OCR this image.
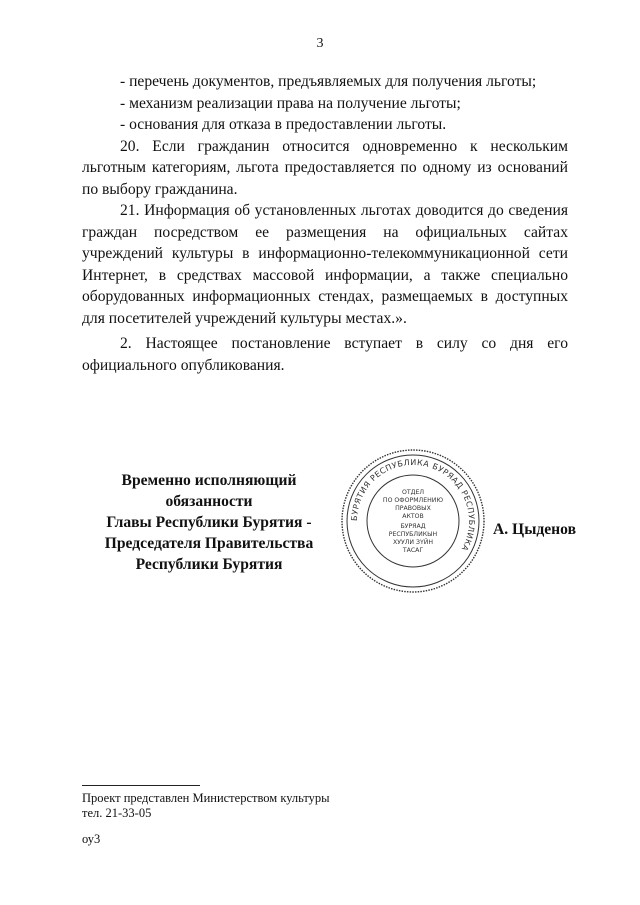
3

- перечень документов, предъявляемых для получения льготы;

- механизм реализации права на получение льготы;

- основания для отказа в предоставлении льготы.

20. Если гражданин относится одновременно к нескольким льготным категориям, льгота предоставляется по одному из оснований по выбору гражданина.

21. Информация об установленных льготах доводится до сведения граждан посредством ее размещения на официальных сайтах учреждений культуры в информационно-телекоммуникационной сети Интернет, в средствах массовой информации, а также специально оборудованных информационных стендах, размещаемых в доступных для посетителей учреждений культуры местах.».

2. Настоящее постановление вступает в силу со дня его официального опубликования.

Временно исполняющий обязанности
Главы Республики Бурятия -
Председателя Правительства
Республики Бурятия
БУРЯТИЯ РЕСПУБЛИКА БУРЯАД РЕСПУБЛИКА
ОТДЕЛ
ПО ОФОРМЛЕНИЮ
ПРАВОВЫХ
АКТОВ
БУРЯАД
РЕСПУБЛИКЫН
ХУУЛИ ЗҮЙН
ТАСАГ
А. Цыденов
Проект представлен Министерством культуры
тел. 21-33-05
оу3
